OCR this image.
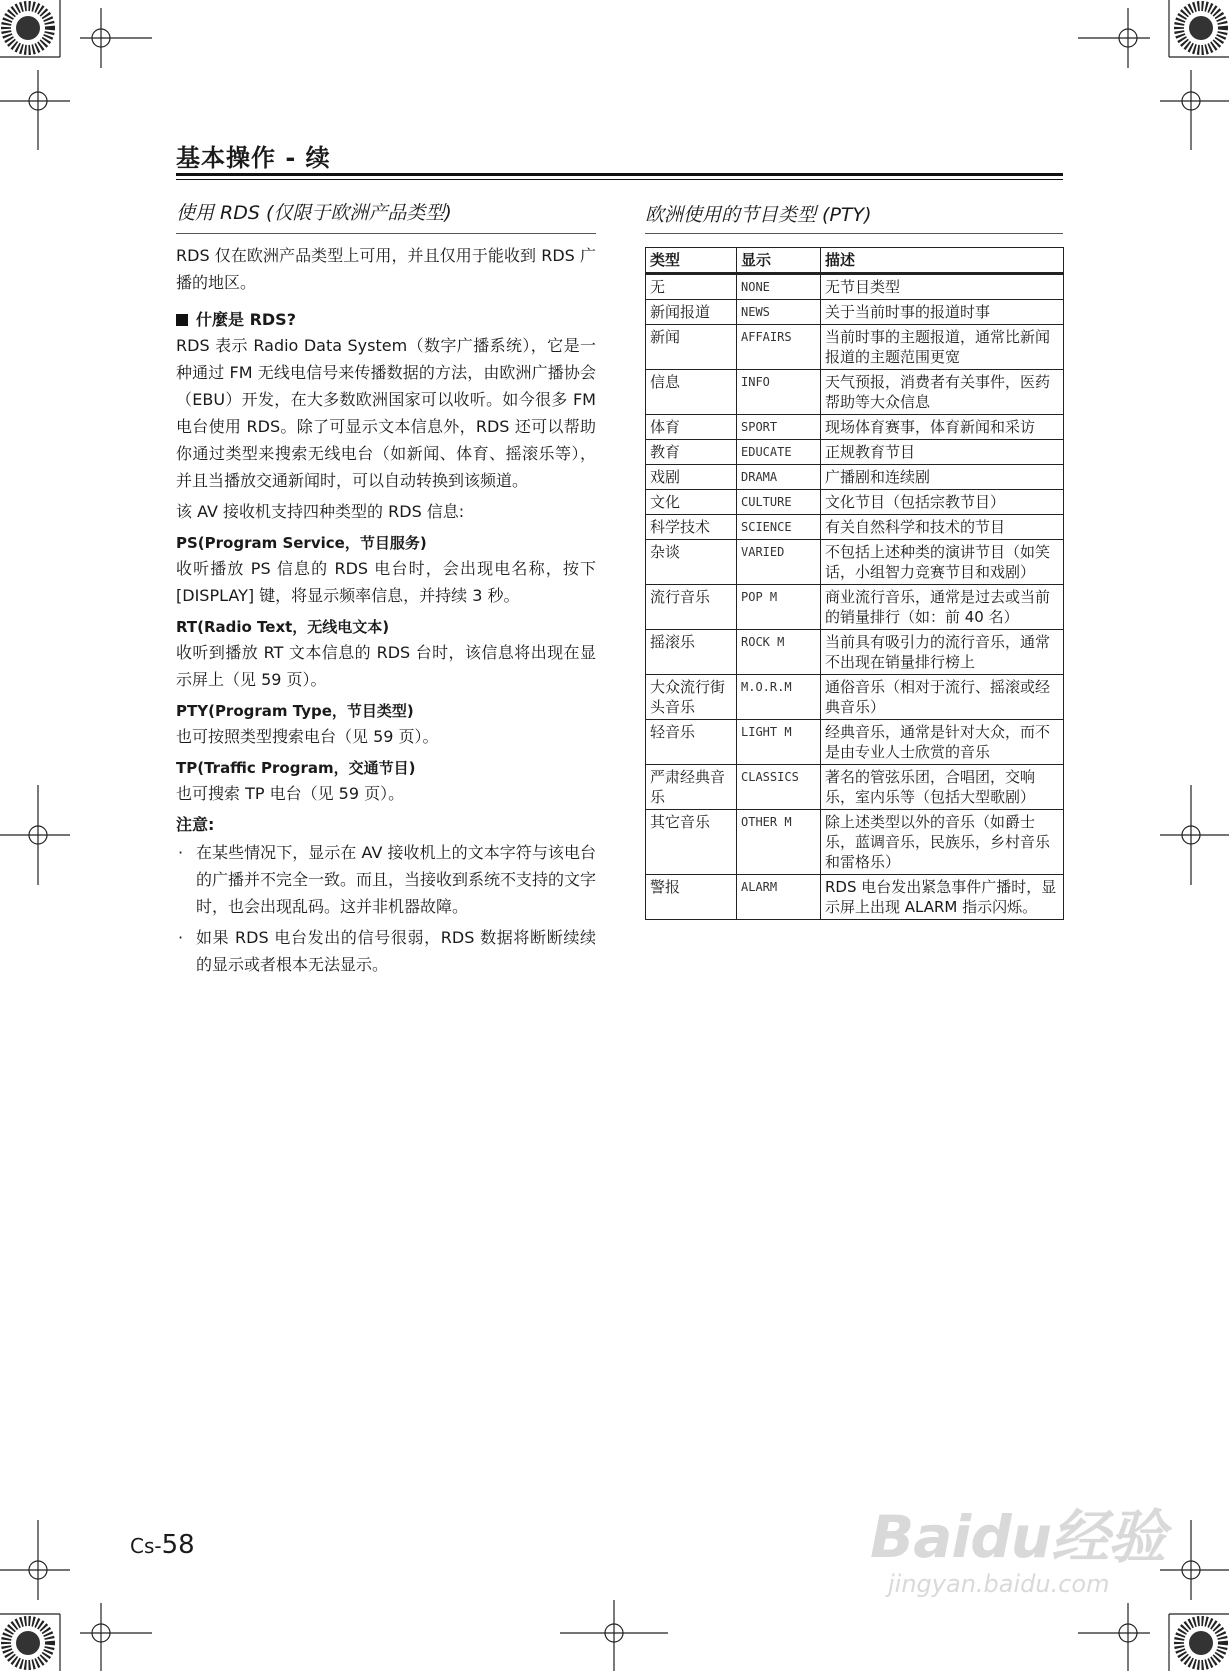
基本操作 - 续
使用 RDS (仅限于欧洲产品类型)

RDS 仅在欧洲产品类型上可用，并且仅用于能收到 RDS 广播的地区。

什麼是 RDS?

RDS 表示 Radio Data System（数字广播系统），它是一种通过 FM 无线电信号来传播数据的方法，由欧洲广播协会（EBU）开发，在大多数欧洲国家可以收听。如今很多 FM 电台使用 RDS。除了可显示文本信息外，RDS 还可以帮助你通过类型来搜索无线电台（如新闻、体育、摇滚乐等），并且当播放交通新闻时，可以自动转换到该频道。

该 AV 接收机支持四种类型的 RDS 信息:

PS(Program Service，节目服务)

收听播放 PS 信息的 RDS 电台时，会出现电名称，按下 [DISPLAY] 键，将显示频率信息，并持续 3 秒。

RT(Radio Text，无线电文本)

收听到播放 RT 文本信息的 RDS 台时，该信息将出现在显示屏上（见 59 页）。

PTY(Program Type，节目类型)

也可按照类型搜索电台（见 59 页）。

TP(Traffic Program，交通节目)

也可搜索 TP 电台（见 59 页）。

注意:
· 在某些情况下，显示在 AV 接收机上的文本字符与该电台的广播并不完全一致。而且，当接收到系统不支持的文字时，也会出现乱码。这并非机器故障。
· 如果 RDS 电台发出的信号很弱，RDS 数据将断断续续的显示或者根本无法显示。
欧洲使用的节目类型 (PTY)
类型	显示	描述
无	NONE	无节目类型
新闻报道	NEWS	关于当前时事的报道时事
新闻	AFFAIRS	当前时事的主题报道，通常比新闻报道的主题范围更宽
信息	INFO	天气预报，消费者有关事件，医药帮助等大众信息
体育	SPORT	现场体育赛事，体育新闻和采访
教育	EDUCATE	正规教育节目
戏剧	DRAMA	广播剧和连续剧
文化	CULTURE	文化节目（包括宗教节目）
科学技术	SCIENCE	有关自然科学和技术的节目
杂谈	VARIED	不包括上述种类的演讲节目（如笑话，小组智力竞赛节目和戏剧）
流行音乐	POP M	商业流行音乐，通常是过去或当前的销量排行（如：前 40 名）
摇滚乐	ROCK M	当前具有吸引力的流行音乐，通常不出现在销量排行榜上
大众流行街头音乐	M.O.R.M	通俗音乐（相对于流行、摇滚或经典音乐）
轻音乐	LIGHT M	经典音乐，通常是针对大众，而不是由专业人士欣赏的音乐
严肃经典音乐	CLASSICS	著名的管弦乐团，合唱团，交响乐，室内乐等（包括大型歌剧）
其它音乐	OTHER M	除上述类型以外的音乐（如爵士乐，蓝调音乐，民族乐，乡村音乐和雷格乐）
警报	ALARM	RDS 电台发出紧急事件广播时，显示屏上出现 ALARM 指示闪烁。
Cs-58	Baidu经验
jingyan.baidu.com
